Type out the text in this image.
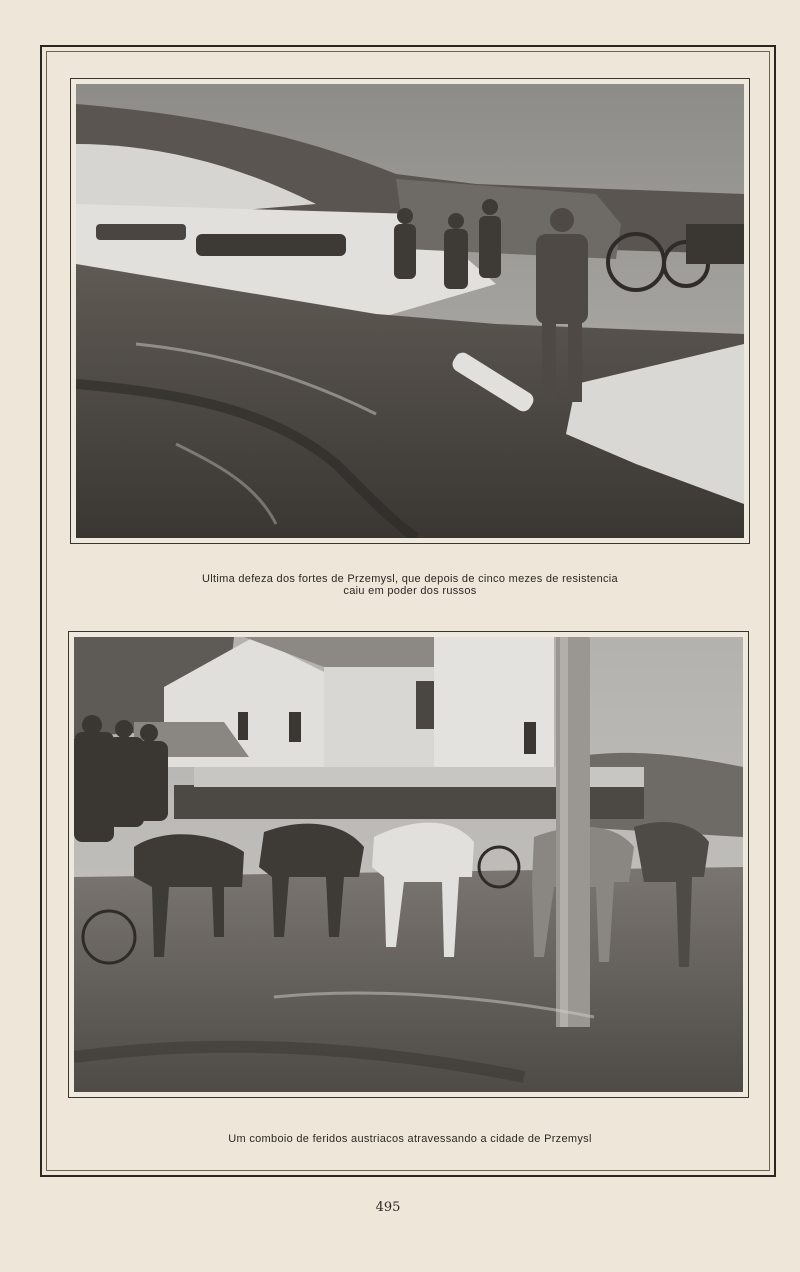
Ultima defeza dos fortes de Przemysl, que depois de cinco mezes de resistencia
caiu em poder dos russos
Um comboio de feridos austriacos atravessando a cidade de Przemysl
495
